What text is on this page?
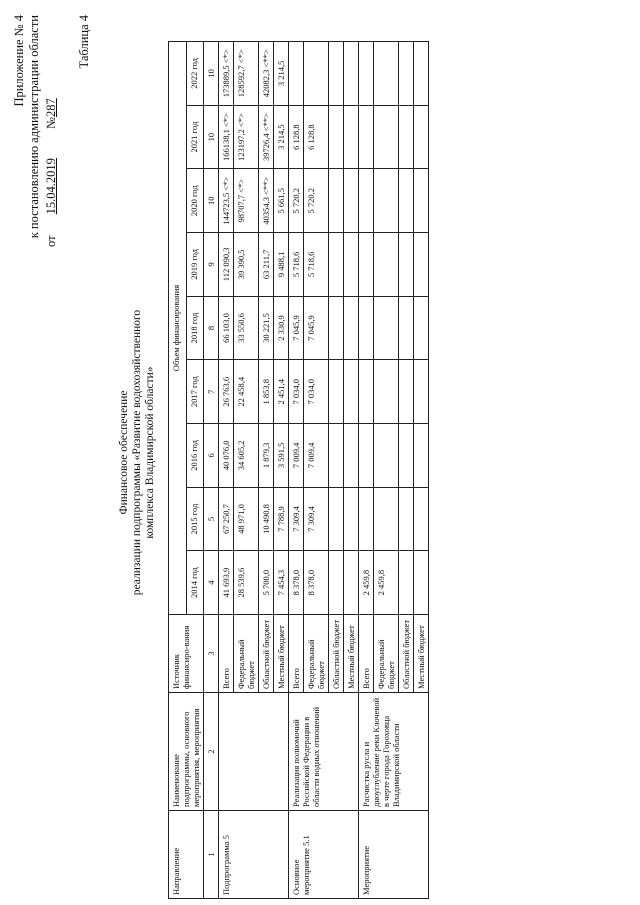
Приложение № 4 к постановлению администрации области
от 15.04.2019 №287
Таблица 4
Финансовое обеспечение реализации подпрограммы «Развитие водохозяйственного комплекса Владимирской области»
Направление	Наименование подпрограммы, основного мероприятия, мероприятия	Источник финансиро-вания	Объем финансирования								
			2014 год	2015 год	2016 год	2017 год	2018 год	2019 год	2020 год	2021 год	2022 год
1	2	3	4	5	6	7	8	9	10	10	10
Подпрограмма 5		Всего	41 693,9	67 250,7	40 076,0	26 763,6	66 103,0	112 090,3	144723,5 <*>	166138,1 <*>	173889,5 <*>
		Федеральный бюджет	28 539,6	48 971,0	34 605,2	22 458,4	33 550,6	39 390,5	98707,7 <*>	123197,2 <*>	128592,7 <*>
		Областной бюджет	5 700,0	10 490,8	1 879,3	1 853,8	30 221,5	63 211,7	40354,3 <**>	39726,4 <**>	42082,3 <**>
		Местный бюджет	7 454,3	7 788,9	3 591,5	2 451,4	2 330,9	9 488,1	5 661,5	3 214,5	3 214,5
Основное мероприятие 5.1	Реализация полномочий Российской Федерации в области водных отношений	Всего	8 378,0	7 309,4	7 009,4	7 034,0	7 045,9	5 718,6	5 720,2	6 128,8	
		Федеральный бюджет	8 378,0	7 309,4	7 009,4	7 034,0	7 045,9	5 718,6	5 720,2	6 128,8	
		Областной бюджет									
		Местный бюджет									
Мероприятие	Расчистка русла и дноуглубление реки Клочевой в черте города Гороховца Владимирской области	Всего	2 459,8								
		Федеральный бюджет	2 459,8								
		Областной бюджет									
		Местный бюджет									
